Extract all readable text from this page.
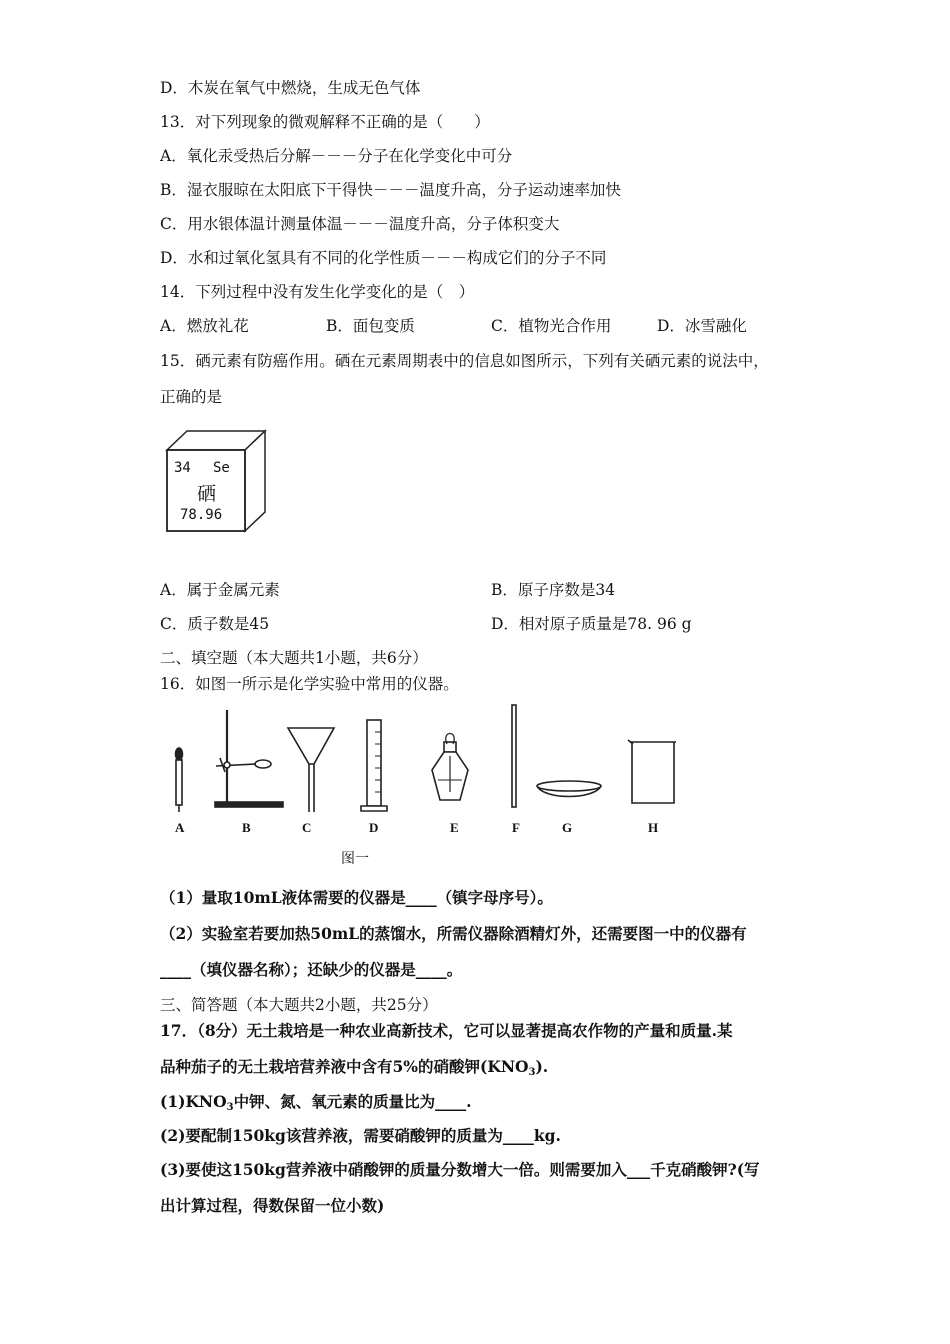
D．木炭在氧气中燃烧，生成无色气体
13．对下列现象的微观解释不正确的是（　　）
A．氧化汞受热后分解－－－分子在化学变化中可分
B．湿衣服晾在太阳底下干得快－－－温度升高，分子运动速率加快
C．用水银体温计测量体温－－－温度升高，分子体积变大
D．水和过氧化氢具有不同的化学性质－－－构成它们的分子不同
14．下列过程中没有发生化学变化的是（　）
A．燃放礼花	B．面包变质	C．植物光合作用	D．冰雪融化
15．硒元素有防癌作用。硒在元素周期表中的信息如图所示，下列有关硒元素的说法中，
正确的是
34 Se
硒
78.96
A．属于金属元素	B．原子序数是34
C．质子数是45	D．相对原子质量是78. 96 g
二、填空题（本大题共1小题，共6分）
16．如图一所示是化学实验中常用的仪器。
A	B	C	D	E	F	G	H
图一
（1）量取10mL液体需要的仪器是____（镇字母序号）。
（2）实验室若要加热50mL的蒸馏水，所需仪器除酒精灯外，还需要图一中的仪器有
____（填仪器名称）；还缺少的仪器是____。
三、简答题（本大题共2小题，共25分）
17．（8分）无土栽培是一种农业高新技术，它可以显著提高农作物的产量和质量.某
品种茄子的无土栽培营养液中含有5%的硝酸钾$(KNO_3)$.
$(1)KNO_3$中钾、氮、氧元素的质量比为____.
(2)要配制150kg该营养液，需要硝酸钾的质量为____kg.
(3)要使这150kg营养液中硝酸钾的质量分数增大一倍。则需要加入___千克硝酸钾?(写
出计算过程，得数保留一位小数)
